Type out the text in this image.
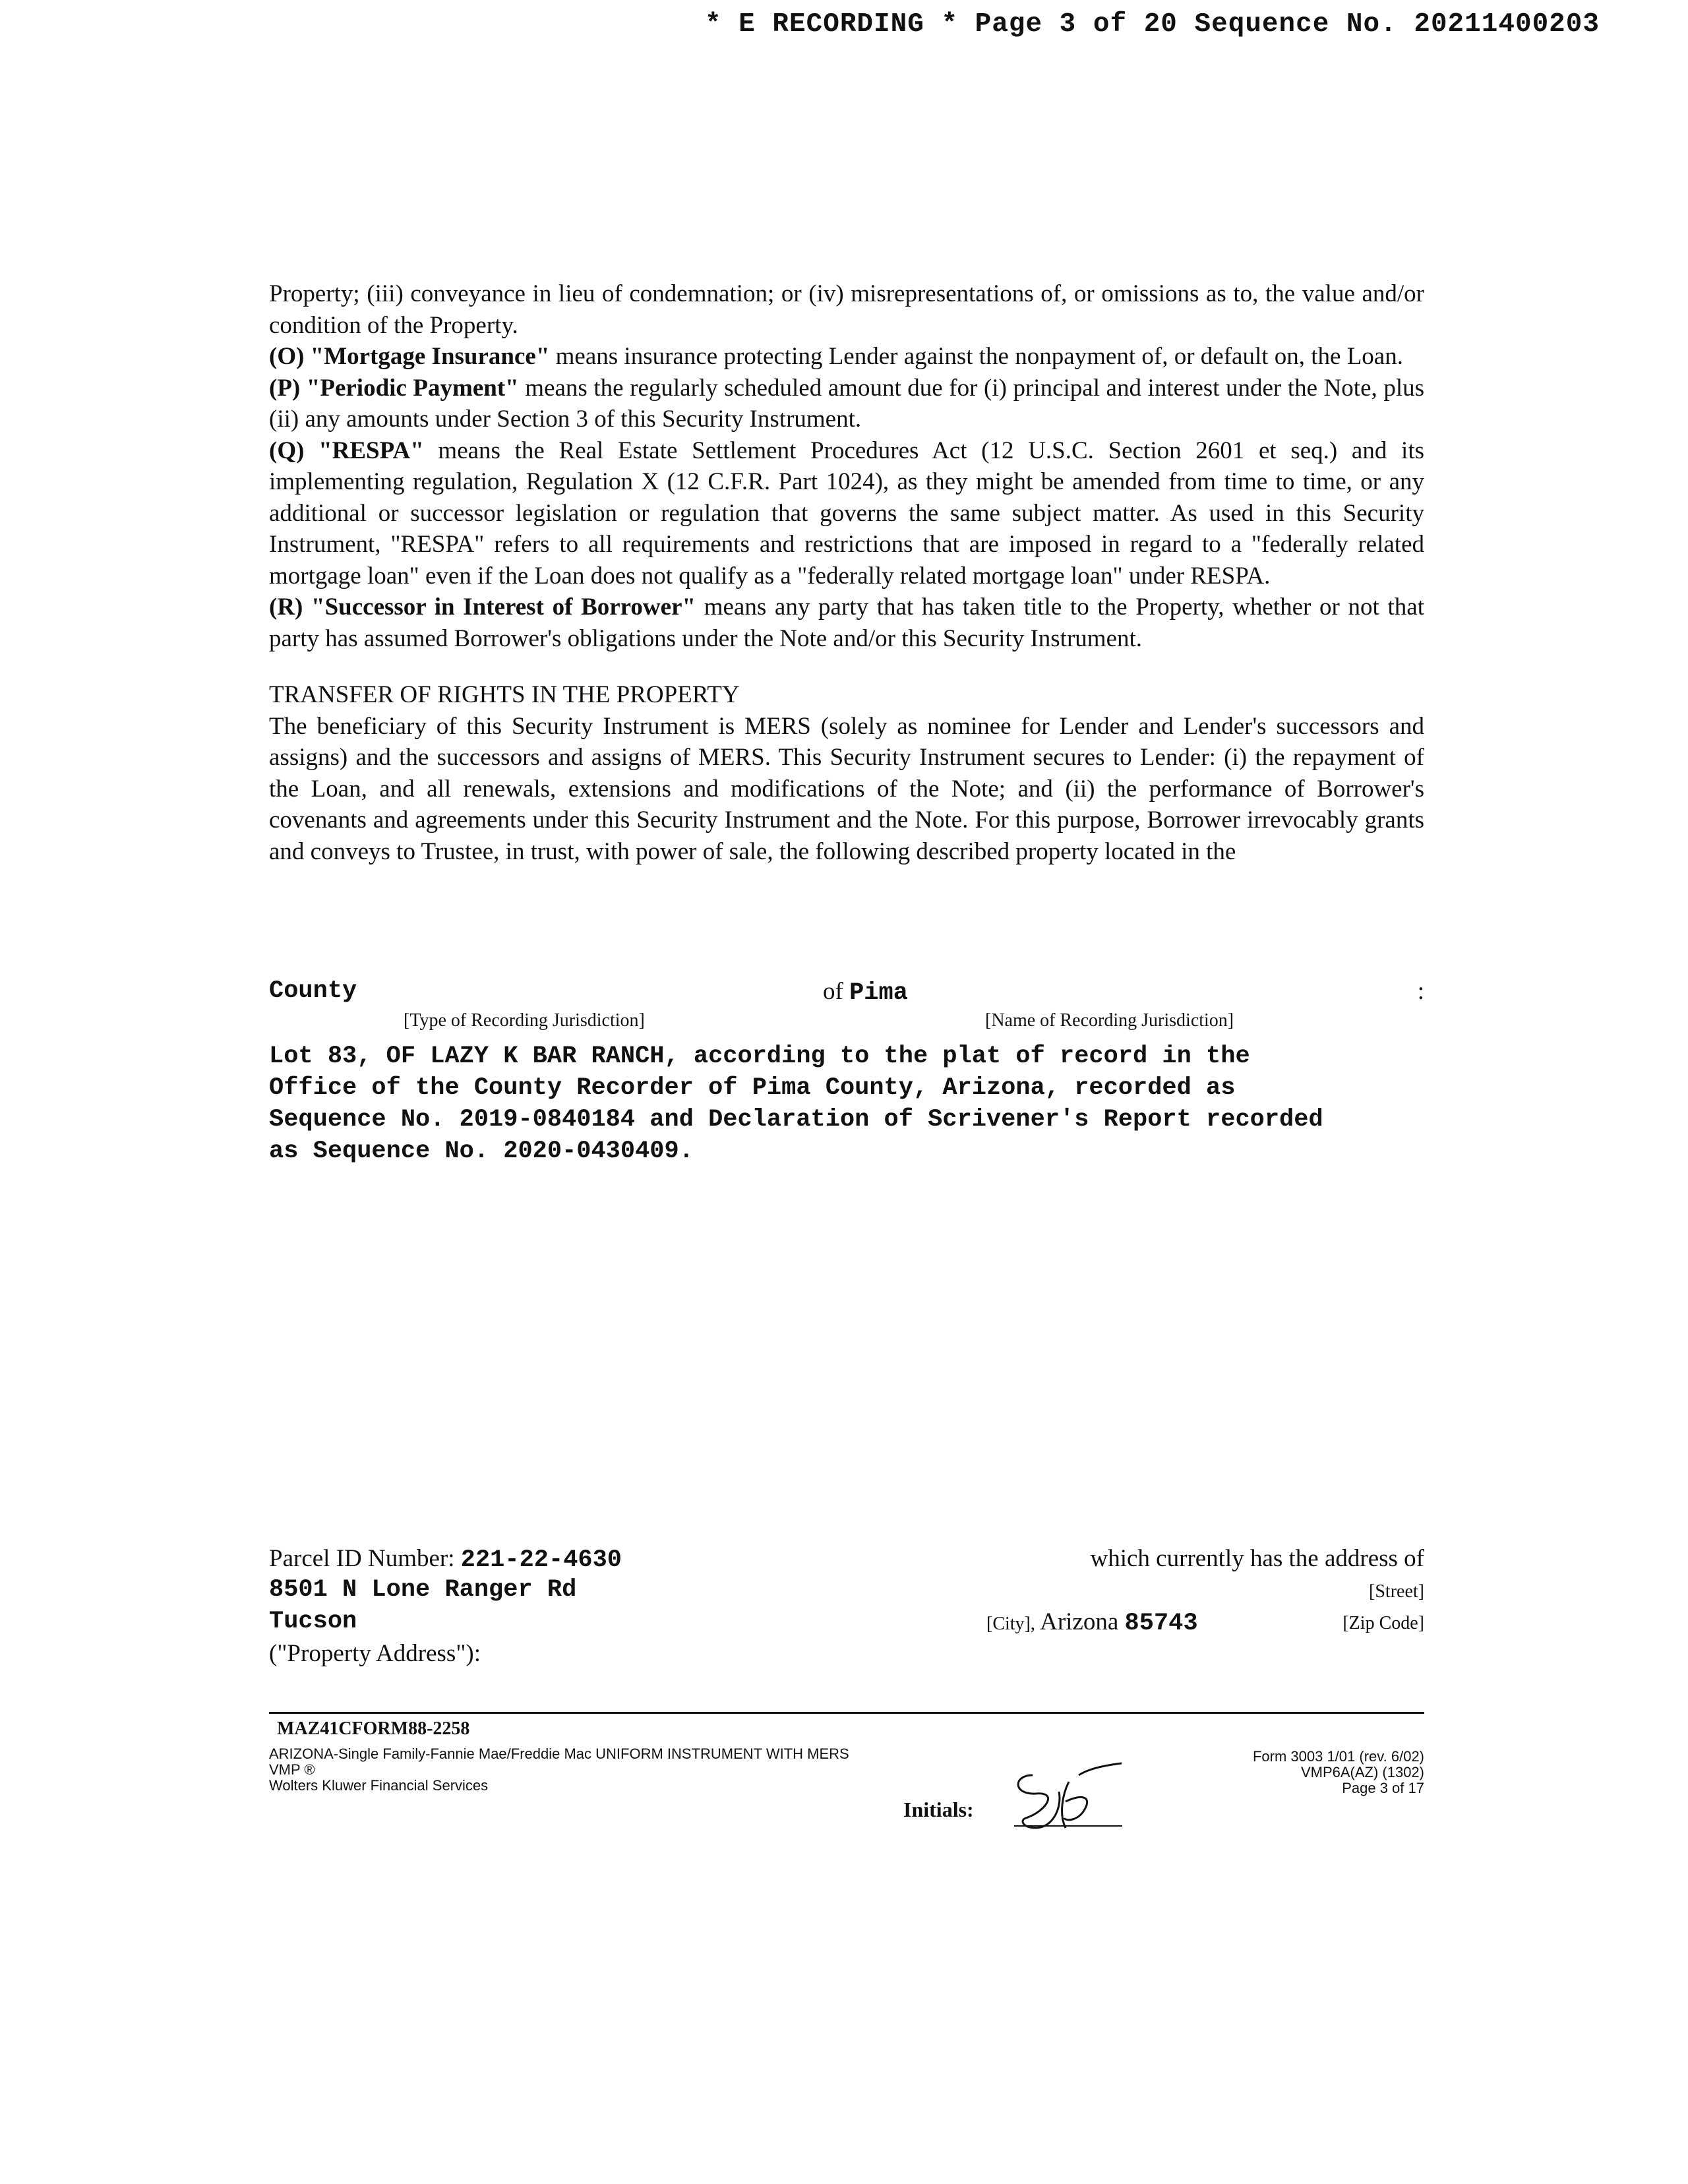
* E RECORDING * Page 3 of 20 Sequence No. 20211400203

Property; (iii) conveyance in lieu of condemnation; or (iv) misrepresentations of, or omissions as to, the value and/or condition of the Property.

(O) "Mortgage Insurance" means insurance protecting Lender against the nonpayment of, or default on, the Loan.

(P) "Periodic Payment" means the regularly scheduled amount due for (i) principal and interest under the Note, plus (ii) any amounts under Section 3 of this Security Instrument.

(Q) "RESPA" means the Real Estate Settlement Procedures Act (12 U.S.C. Section 2601 et seq.) and its implementing regulation, Regulation X (12 C.F.R. Part 1024), as they might be amended from time to time, or any additional or successor legislation or regulation that governs the same subject matter. As used in this Security Instrument, "RESPA" refers to all requirements and restrictions that are imposed in regard to a "federally related mortgage loan" even if the Loan does not qualify as a "federally related mortgage loan" under RESPA.

(R) "Successor in Interest of Borrower" means any party that has taken title to the Property, whether or not that party has assumed Borrower's obligations under the Note and/or this Security Instrument.

TRANSFER OF RIGHTS IN THE PROPERTY

The beneficiary of this Security Instrument is MERS (solely as nominee for Lender and Lender's successors and assigns) and the successors and assigns of MERS. This Security Instrument secures to Lender: (i) the repayment of the Loan, and all renewals, extensions and modifications of the Note; and (ii) the performance of Borrower's covenants and agreements under this Security Instrument and the Note. For this purpose, Borrower irrevocably grants and conveys to Trustee, in trust, with power of sale, the following described property located in the

County	of Pima	:
[Type of Recording Jurisdiction]	[Name of Recording Jurisdiction]

Lot 83, OF LAZY K BAR RANCH, according to the plat of record in the

Office of the County Recorder of Pima County, Arizona, recorded as

Sequence No. 2019-0840184 and Declaration of Scrivener's Report recorded

as Sequence No. 2020-0430409.

Parcel ID Number: 221-22-4630	which currently has the address of
8501 N Lone Ranger Rd	[Street]
Tucson	[City], Arizona 85743	[Zip Code]
("Property Address"):
MAZ41CFORM88-2258
ARIZONA-Single Family-Fannie Mae/Freddie Mac UNIFORM INSTRUMENT WITH MERS
VMP ®
Wolters Kluwer Financial Services
Initials:
Form 3003 1/01 (rev. 6/02)
VMP6A(AZ) (1302)
Page 3 of 17
